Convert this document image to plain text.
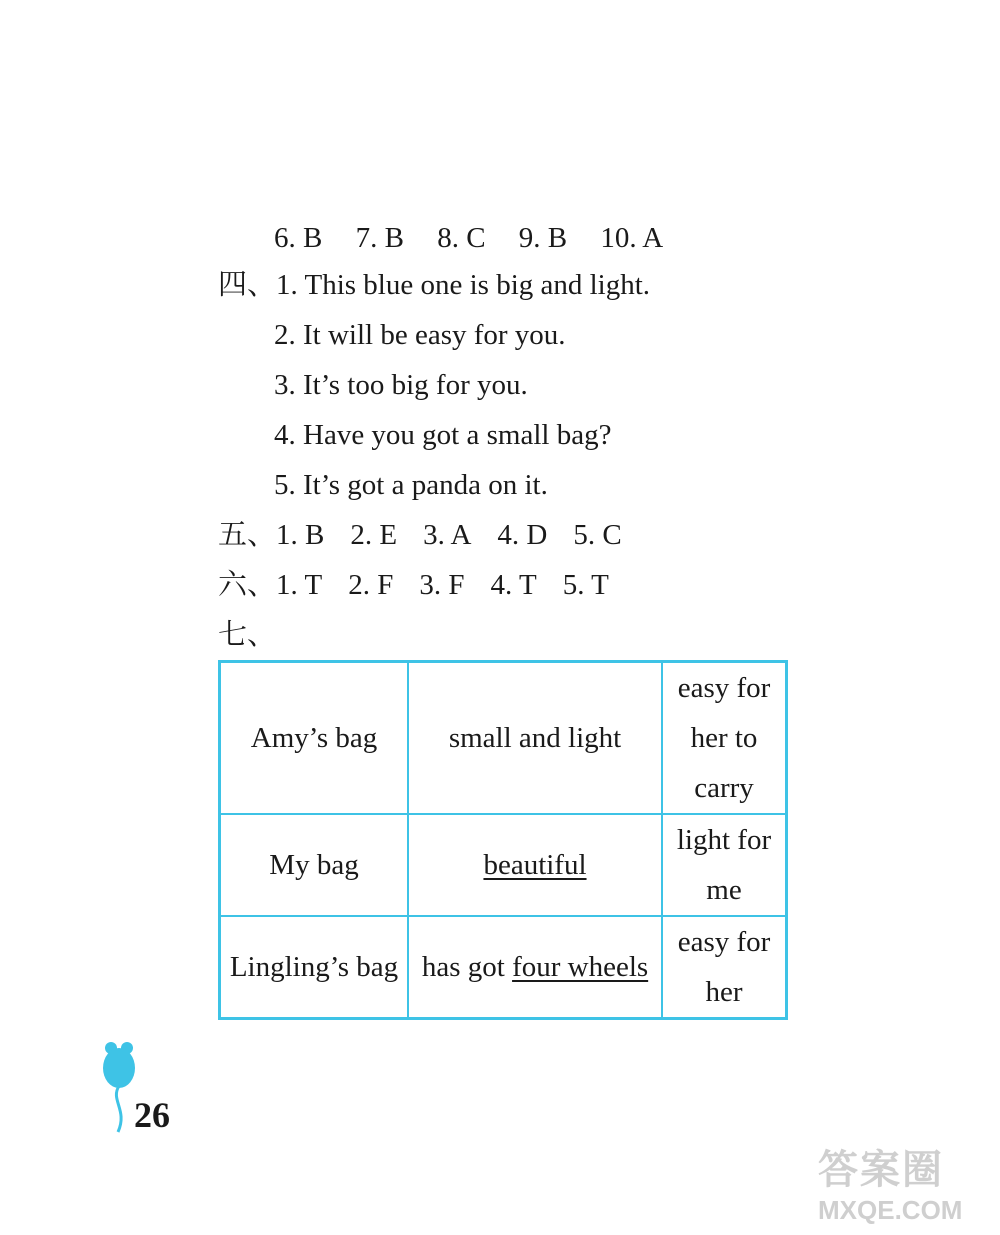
6. B 7. B 8. C 9. B 10. A
四、1. This blue one is big and light.
2. It will be easy for you.
3. It’s too big for you.
4. Have you got a small bag?
5. It’s got a panda on it.
五、1. B 2. E 3. A 4. D 5. C
六、1. T 2. F 3. F 4. T 5. T
七、
Amy’s bag	small and light	easy for her to carry
My bag	beautiful	light for me
Lingling’s bag	has got four wheels	easy for her
26
答案圈
MXQE.COM
